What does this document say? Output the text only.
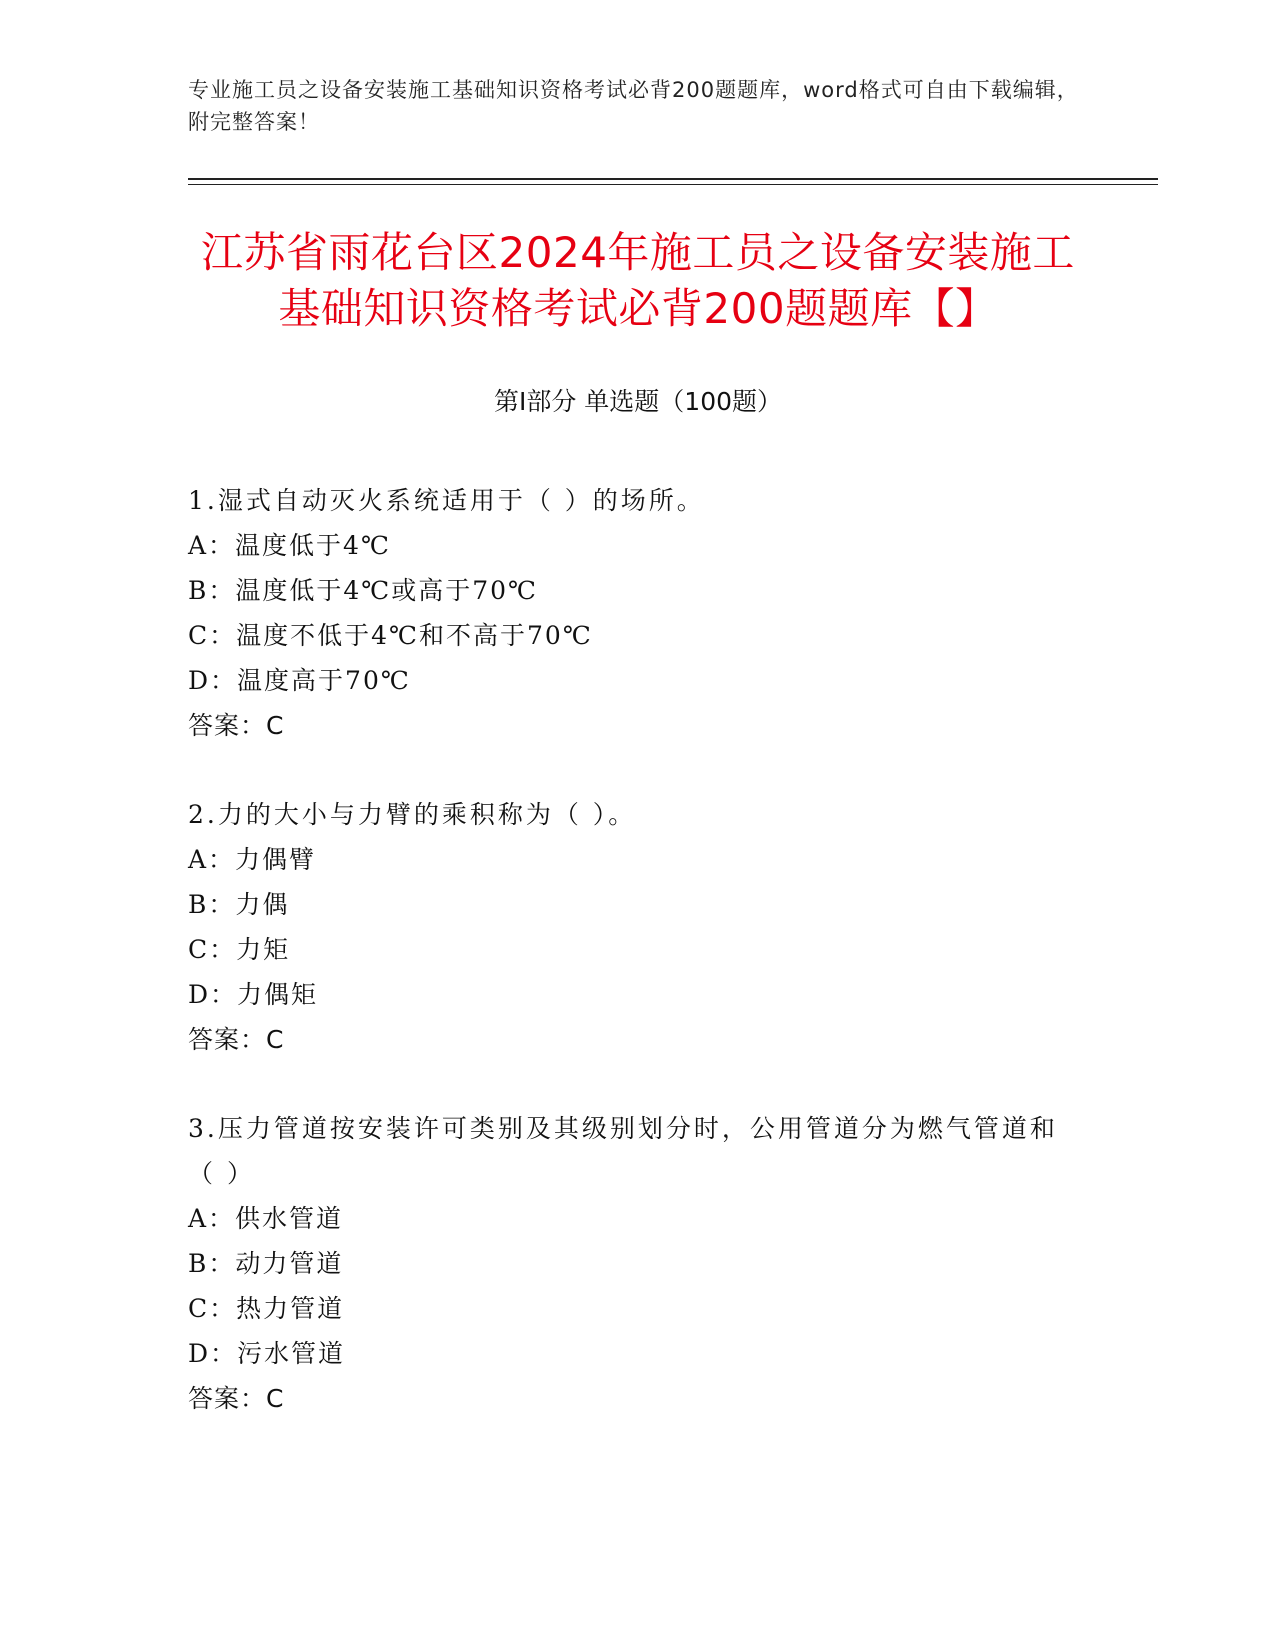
专业施工员之设备安装施工基础知识资格考试必背200题题库，word格式可自由下载编辑，附完整答案！
江苏省雨花台区2024年施工员之设备安装施工基础知识资格考试必背200题题库【】
第Ⅰ部分 单选题（100题）
1.湿式自动灭火系统适用于（ ）的场所。
A：温度低于4℃
B：温度低于4℃或高于70℃
C：温度不低于4℃和不高于70℃
D：温度高于70℃
答案：C
2.力的大小与力臂的乘积称为（ ）。
A：力偶臂
B：力偶
C：力矩
D：力偶矩
答案：C
3.压力管道按安装许可类别及其级别划分时，公用管道分为燃气管道和（ ）
A：供水管道
B：动力管道
C：热力管道
D：污水管道
答案：C
